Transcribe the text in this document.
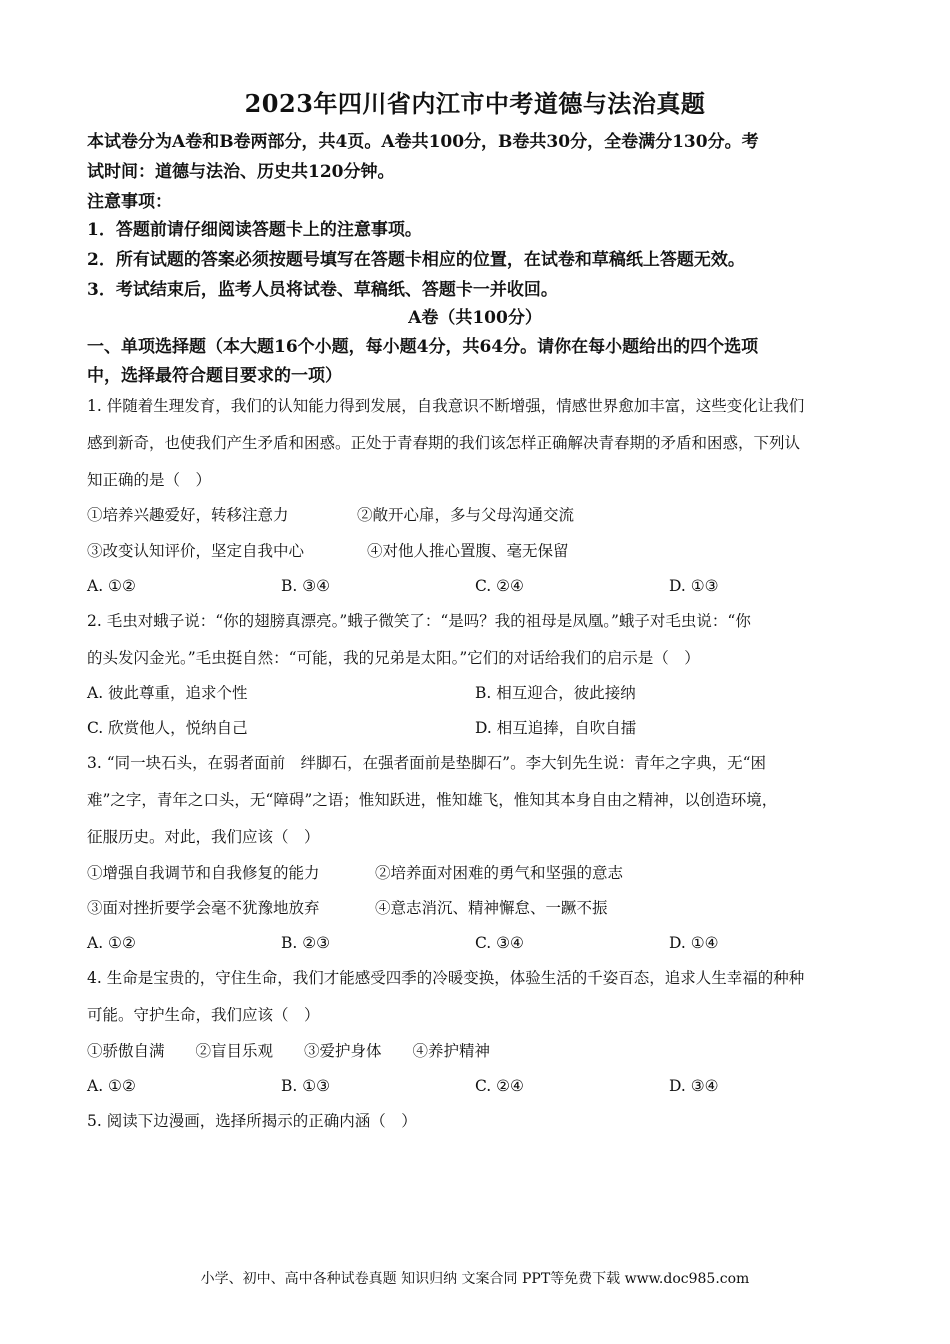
2023年四川省内江市中考道德与法治真题
本试卷分为A卷和B卷两部分，共4页。A卷共100分，B卷共30分，全卷满分130分。考
试时间：道德与法治、历史共120分钟。
注意事项：
1．答题前请仔细阅读答题卡上的注意事项。
2．所有试题的答案必须按题号填写在答题卡相应的位置，在试卷和草稿纸上答题无效。
3．考试结束后，监考人员将试卷、草稿纸、答题卡一并收回。
A卷（共100分）
一、单项选择题（本大题16个小题，每小题4分，共64分。请你在每小题给出的四个选项
中，选择最符合题目要求的一项）
1. 伴随着生理发育，我们的认知能力得到发展，自我意识不断增强，情感世界愈加丰富，这些变化让我们
感到新奇，也使我们产生矛盾和困惑。正处于青春期的我们该怎样正确解决青春期的矛盾和困惑，下列认
知正确的是（　）
①培养兴趣爱好，转移注意力	②敞开心扉，多与父母沟通交流
③改变认知评价，坚定自我中心	④对他人推心置腹、毫无保留
A. ①②	B. ③④	C. ②④	D. ①③
2. 毛虫对蛾子说：“你的翅膀真漂亮。”蛾子微笑了：“是吗？我的祖母是凤凰。”蛾子对毛虫说：“你
的头发闪金光。”毛虫挺自然：“可能，我的兄弟是太阳。”它们的对话给我们的启示是（　）
A. 彼此尊重，追求个性	B. 相互迎合，彼此接纳
C. 欣赏他人，悦纳自己	D. 相互追捧，自吹自擂
3. “同一块石头，在弱者面前　绊脚石，在强者面前是垫脚石”。李大钊先生说：青年之字典，无“困
难”之字，青年之口头，无“障碍”之语；惟知跃进，惟知雄飞，惟知其本身自由之精神，以创造环境，
征服历史。对此，我们应该（　）
①增强自我调节和自我修复的能力	②培养面对困难的勇气和坚强的意志
③面对挫折要学会毫不犹豫地放弃	④意志消沉、精神懈怠、一蹶不振
A. ①②	B. ②③	C. ③④	D. ①④
4. 生命是宝贵的，守住生命，我们才能感受四季的冷暖变换，体验生活的千姿百态，追求人生幸福的种种
可能。守护生命，我们应该（　）
①骄傲自满　　②盲目乐观　　③爱护身体　　④养护精神
A. ①②	B. ①③	C. ②④	D. ③④
5. 阅读下边漫画，选择所揭示的正确内涵（　）
小学、初中、高中各种试卷真题 知识归纳 文案合同 PPT等免费下载 www.doc985.com
